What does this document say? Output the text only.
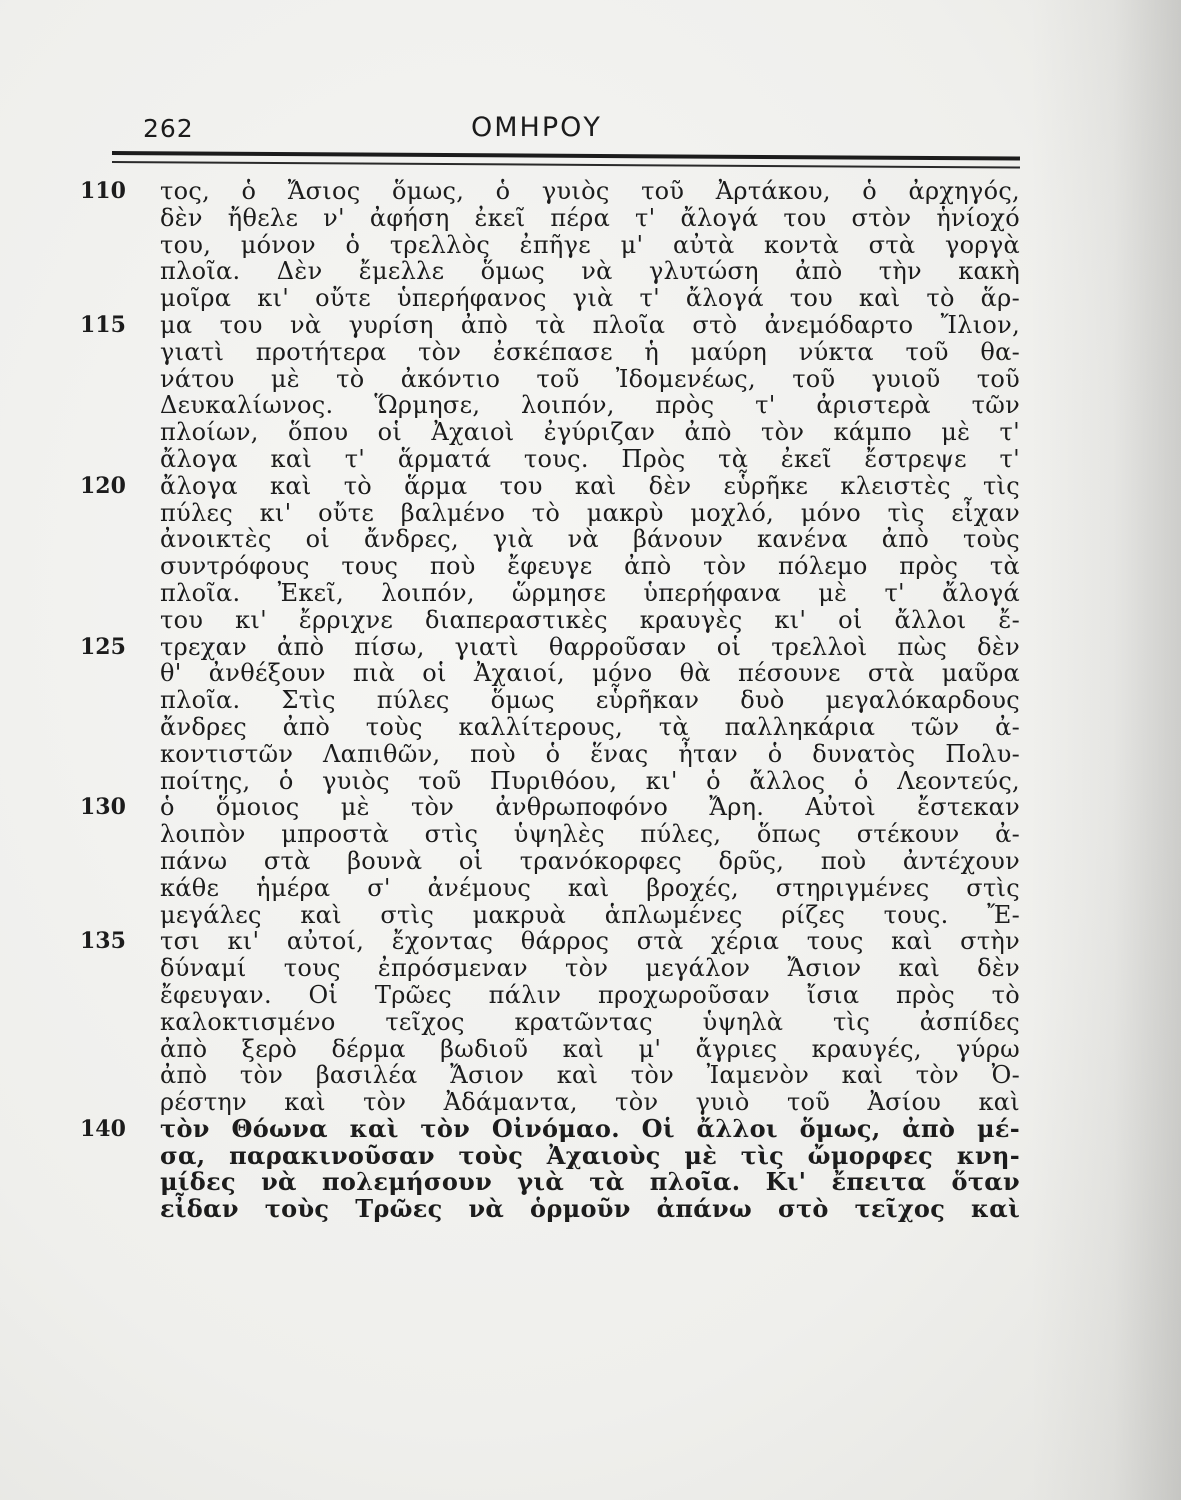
262	ΟΜΗΡΟΥ
110	τος, ὁ Ἄσιος ὅμως, ὁ γυιὸς τοῦ Ἀρτάκου, ὁ ἀρχηγός,
δὲν ἤθελε ν' ἀφήση ἐκεῖ πέρα τ' ἄλογά του στὸν ἡνίοχό
του, μόνον ὁ τρελλὸς ἐπῆγε μ' αὐτὰ κοντὰ στὰ γοργὰ
πλοῖα. Δὲν ἔμελλε ὅμως νὰ γλυτώση ἀπὸ τὴν κακὴ
μοῖρα κι' οὔτε ὑπερήφανος γιὰ τ' ἄλογά του καὶ τὸ ἅρ-
115	μα του νὰ γυρίση ἀπὸ τὰ πλοῖα στὸ ἀνεμόδαρτο Ἴλιον,
γιατὶ προτήτερα τὸν ἐσκέπασε ἡ μαύρη νύκτα τοῦ θα-
νάτου μὲ τὸ ἀκόντιο τοῦ Ἰδομενέως, τοῦ γυιοῦ τοῦ
Δευκαλίωνος. Ὥρμησε, λοιπόν, πρὸς τ' ἀριστερὰ τῶν
πλοίων, ὅπου οἱ Ἀχαιοὶ ἐγύριζαν ἀπὸ τὸν κάμπο μὲ τ'
ἄλογα καὶ τ' ἅρματά τους. Πρὸς τὰ ἐκεῖ ἔστρεψε τ'
120	ἄλογα καὶ τὸ ἅρμα του καὶ δὲν εὗρῆκε κλειστὲς τὶς
πύλες κι' οὔτε βαλμένο τὸ μακρὺ μοχλό, μόνο τὶς εἶχαν
ἀνοικτὲς οἱ ἄνδρες, γιὰ νὰ βάνουν κανένα ἀπὸ τοὺς
συντρόφους τους ποὺ ἔφευγε ἀπὸ τὸν πόλεμο πρὸς τὰ
πλοῖα. Ἐκεῖ, λοιπόν, ὥρμησε ὑπερήφανα μὲ τ' ἄλογά
του κι' ἔρριχνε διαπεραστικὲς κραυγὲς κι' οἱ ἄλλοι ἔ-
125	τρεχαν ἀπὸ πίσω, γιατὶ θαρροῦσαν οἱ τρελλοὶ πὼς δὲν
θ' ἀνθέξουν πιὰ οἱ Ἀχαιοί, μόνο θὰ πέσουνε στὰ μαῦρα
πλοῖα. Στὶς πύλες ὅμως εὗρῆκαν δυὸ μεγαλόκαρδους
ἄνδρες ἀπὸ τοὺς καλλίτερους, τὰ παλληκάρια τῶν ἀ-
κοντιστῶν Λαπιθῶν, ποὺ ὁ ἕνας ἦταν ὁ δυνατὸς Πολυ-
ποίτης, ὁ γυιὸς τοῦ Πυριθόου, κι' ὁ ἄλλος ὁ Λεοντεύς,
130	ὁ ὅμοιος μὲ τὸν ἀνθρωποφόνο Ἄρη. Αὐτοὶ ἔστεκαν
λοιπὸν μπροστὰ στὶς ὑψηλὲς πύλες, ὅπως στέκουν ἀ-
πάνω στὰ βουνὰ οἱ τρανόκορφες δρῦς, ποὺ ἀντέχουν
κάθε ἡμέρα σ' ἀνέμους καὶ βροχές, στηριγμένες στὶς
μεγάλες καὶ στὶς μακρυὰ ἁπλωμένες ρίζες τους. Ἔ-
135	τσι κι' αὐτοί, ἔχοντας θάρρος στὰ χέρια τους καὶ στὴν
δύναμί τους ἐπρόσμεναν τὸν μεγάλον Ἄσιον καὶ δὲν
ἔφευγαν. Οἱ Τρῶες πάλιν προχωροῦσαν ἴσια πρὸς τὸ
καλοκτισμένο τεῖχος κρατῶντας ὑψηλὰ τὶς ἀσπίδες
ἀπὸ ξερὸ δέρμα βωδιοῦ καὶ μ' ἄγριες κραυγές, γύρω
ἀπὸ τὸν βασιλέα Ἄσιον καὶ τὸν Ἰαμενὸν καὶ τὸν Ὀ-
ρέστην καὶ τὸν Ἀδάμαντα, τὸν γυιὸ τοῦ Ἀσίου καὶ
140	τὸν Θόωνα καὶ τὸν Οἰνόμαο. Οἱ ἄλλοι ὅμως, ἀπὸ μέ-
σα, παρακινοῦσαν τοὺς Ἀχαιοὺς μὲ τὶς ὤμορφες κνη-
μίδες νὰ πολεμήσουν γιὰ τὰ πλοῖα. Κι' ἔπειτα ὅταν
εἶδαν τοὺς Τρῶες νὰ ὁρμοῦν ἀπάνω στὸ τεῖχος καὶ
